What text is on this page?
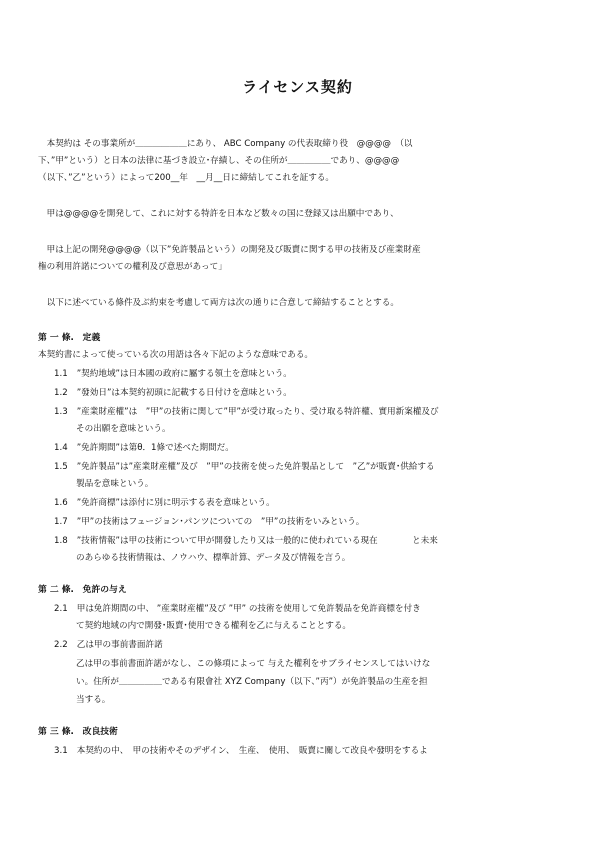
ライセンス契約
　本契約は その事業所が＿＿＿＿＿＿にあり、 ABC Company の代表取締り役　@@@@　（以
下、”甲”という）と日本の法律に基づき設立･存績し、その住所が＿＿＿＿＿であり、@@@@
（以下、”乙”という）によって200__年　__月__日に締結してこれを証する。
　甲は@@@@を開発して、これに対する特許を日本など数々の国に登録又は出願中であり、
　甲は上記の開発@@@@（以下”免許製品という）の開発及び販賣に関する甲の技術及び産業財産
権の利用許諾についての權利及び意思があって」
　以下に述べている條件及ぶ約束を考慮して両方は次の通りに合意して締結することとする。
第 一 條.　定義
本契約書によって使っている次の用語は各々下記のような意味である。
1.1 ”契約地域”は日本國の政府に屬する領土を意味という。
1.2 ”發効日”は本契約初頭に記載する日付けを意味という。
1.3 ”産業財産權”は　”甲”の技術に関して”甲”が受け取ったり、受け取る特許權、實用新案權及び
その出願を意味という。
1.4 ”免許期間”は第θ．1條で述べた期間だ。
1.5 ”免許製品”は”産業財産權”及び　”甲”の技術を使った免許製品として　”乙”が販賣･供給する
製品を意味という。
1.6 ”免許商標”は添付に別に明示する表を意味という。
1.7 ”甲”の技術はフュージョン･パンツについての　”甲”の技術をいみという。
1.8 ”技術情報”は甲の技術について甲が開發したり又は一般的に使われている現在　　　　と未来
のあらゆる技術情報は、ノウハウ、標準計算、データ及び情報を言う。
第 二 條.　免許の与え
2.1 甲は免許期間の中、 ”産業財産權”及び ”甲” の技術を使用して免許製品を免許商標を付き
て契約地域の内で開發･販賣･使用できる權利を乙に与えることとする。
2.2 乙は甲の事前書面許諾
乙は甲の事前書面許諾がなし、この條項によって 与えた權利をサブライセンスしてはいけな
い。住所が＿＿＿＿＿である有限會社 XYZ Company（以下、”丙”）が免許製品の生産を担
当する。
第 三 條.　改良技術
3.1 本契約の中、　甲の技術やそのデザイン、　生産、　使用、　販賣に關して改良や發明をするよ
